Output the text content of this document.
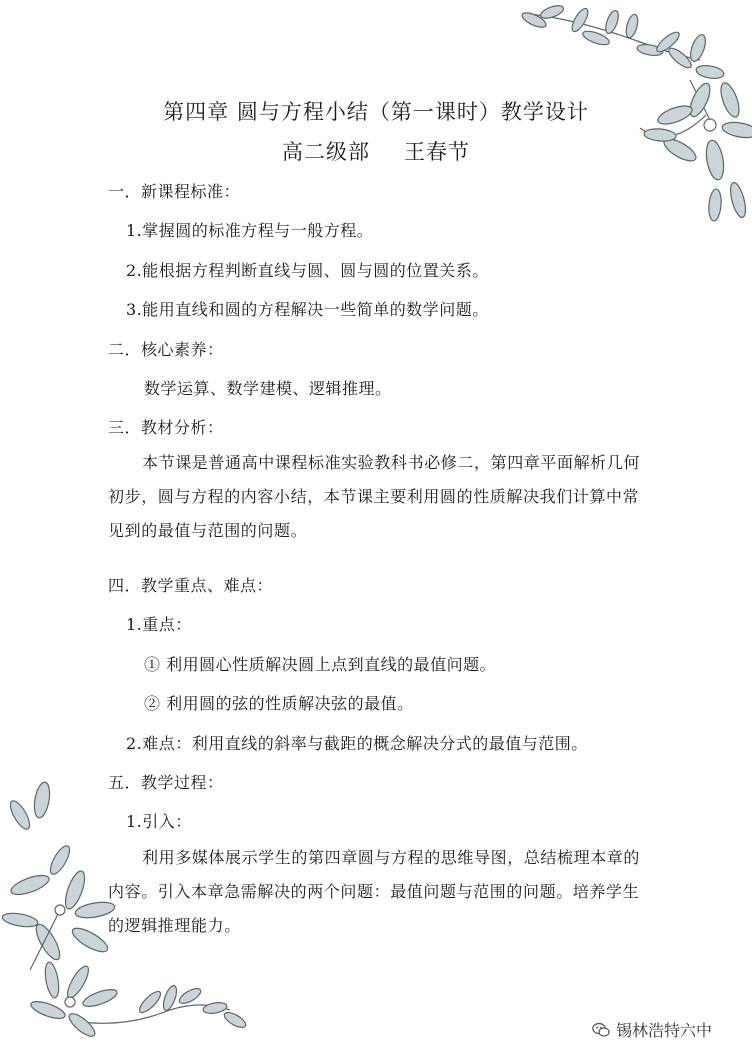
第四章 圆与方程小结（第一课时）教学设计
高二级部 王春节
一．新课程标准：
1.掌握圆的标准方程与一般方程。
2.能根据方程判断直线与圆、圆与圆的位置关系。
3.能用直线和圆的方程解决一些简单的数学问题。
二．核心素养：
数学运算、数学建模、逻辑推理。
三．教材分析：
本节课是普通高中课程标准实验教科书必修二，第四章平面解析几何初步，圆与方程的内容小结，本节课主要利用圆的性质解决我们计算中常见到的最值与范围的问题。
四．教学重点、难点：
1.重点：
① 利用圆心性质解决圆上点到直线的最值问题。
② 利用圆的弦的性质解决弦的最值。
2.难点：利用直线的斜率与截距的概念解决分式的最值与范围。
五．教学过程：
1.引入：
利用多媒体展示学生的第四章圆与方程的思维导图，总结梳理本章的内容。引入本章急需解决的两个问题：最值问题与范围的问题。培养学生的逻辑推理能力。
锡林浩特六中
